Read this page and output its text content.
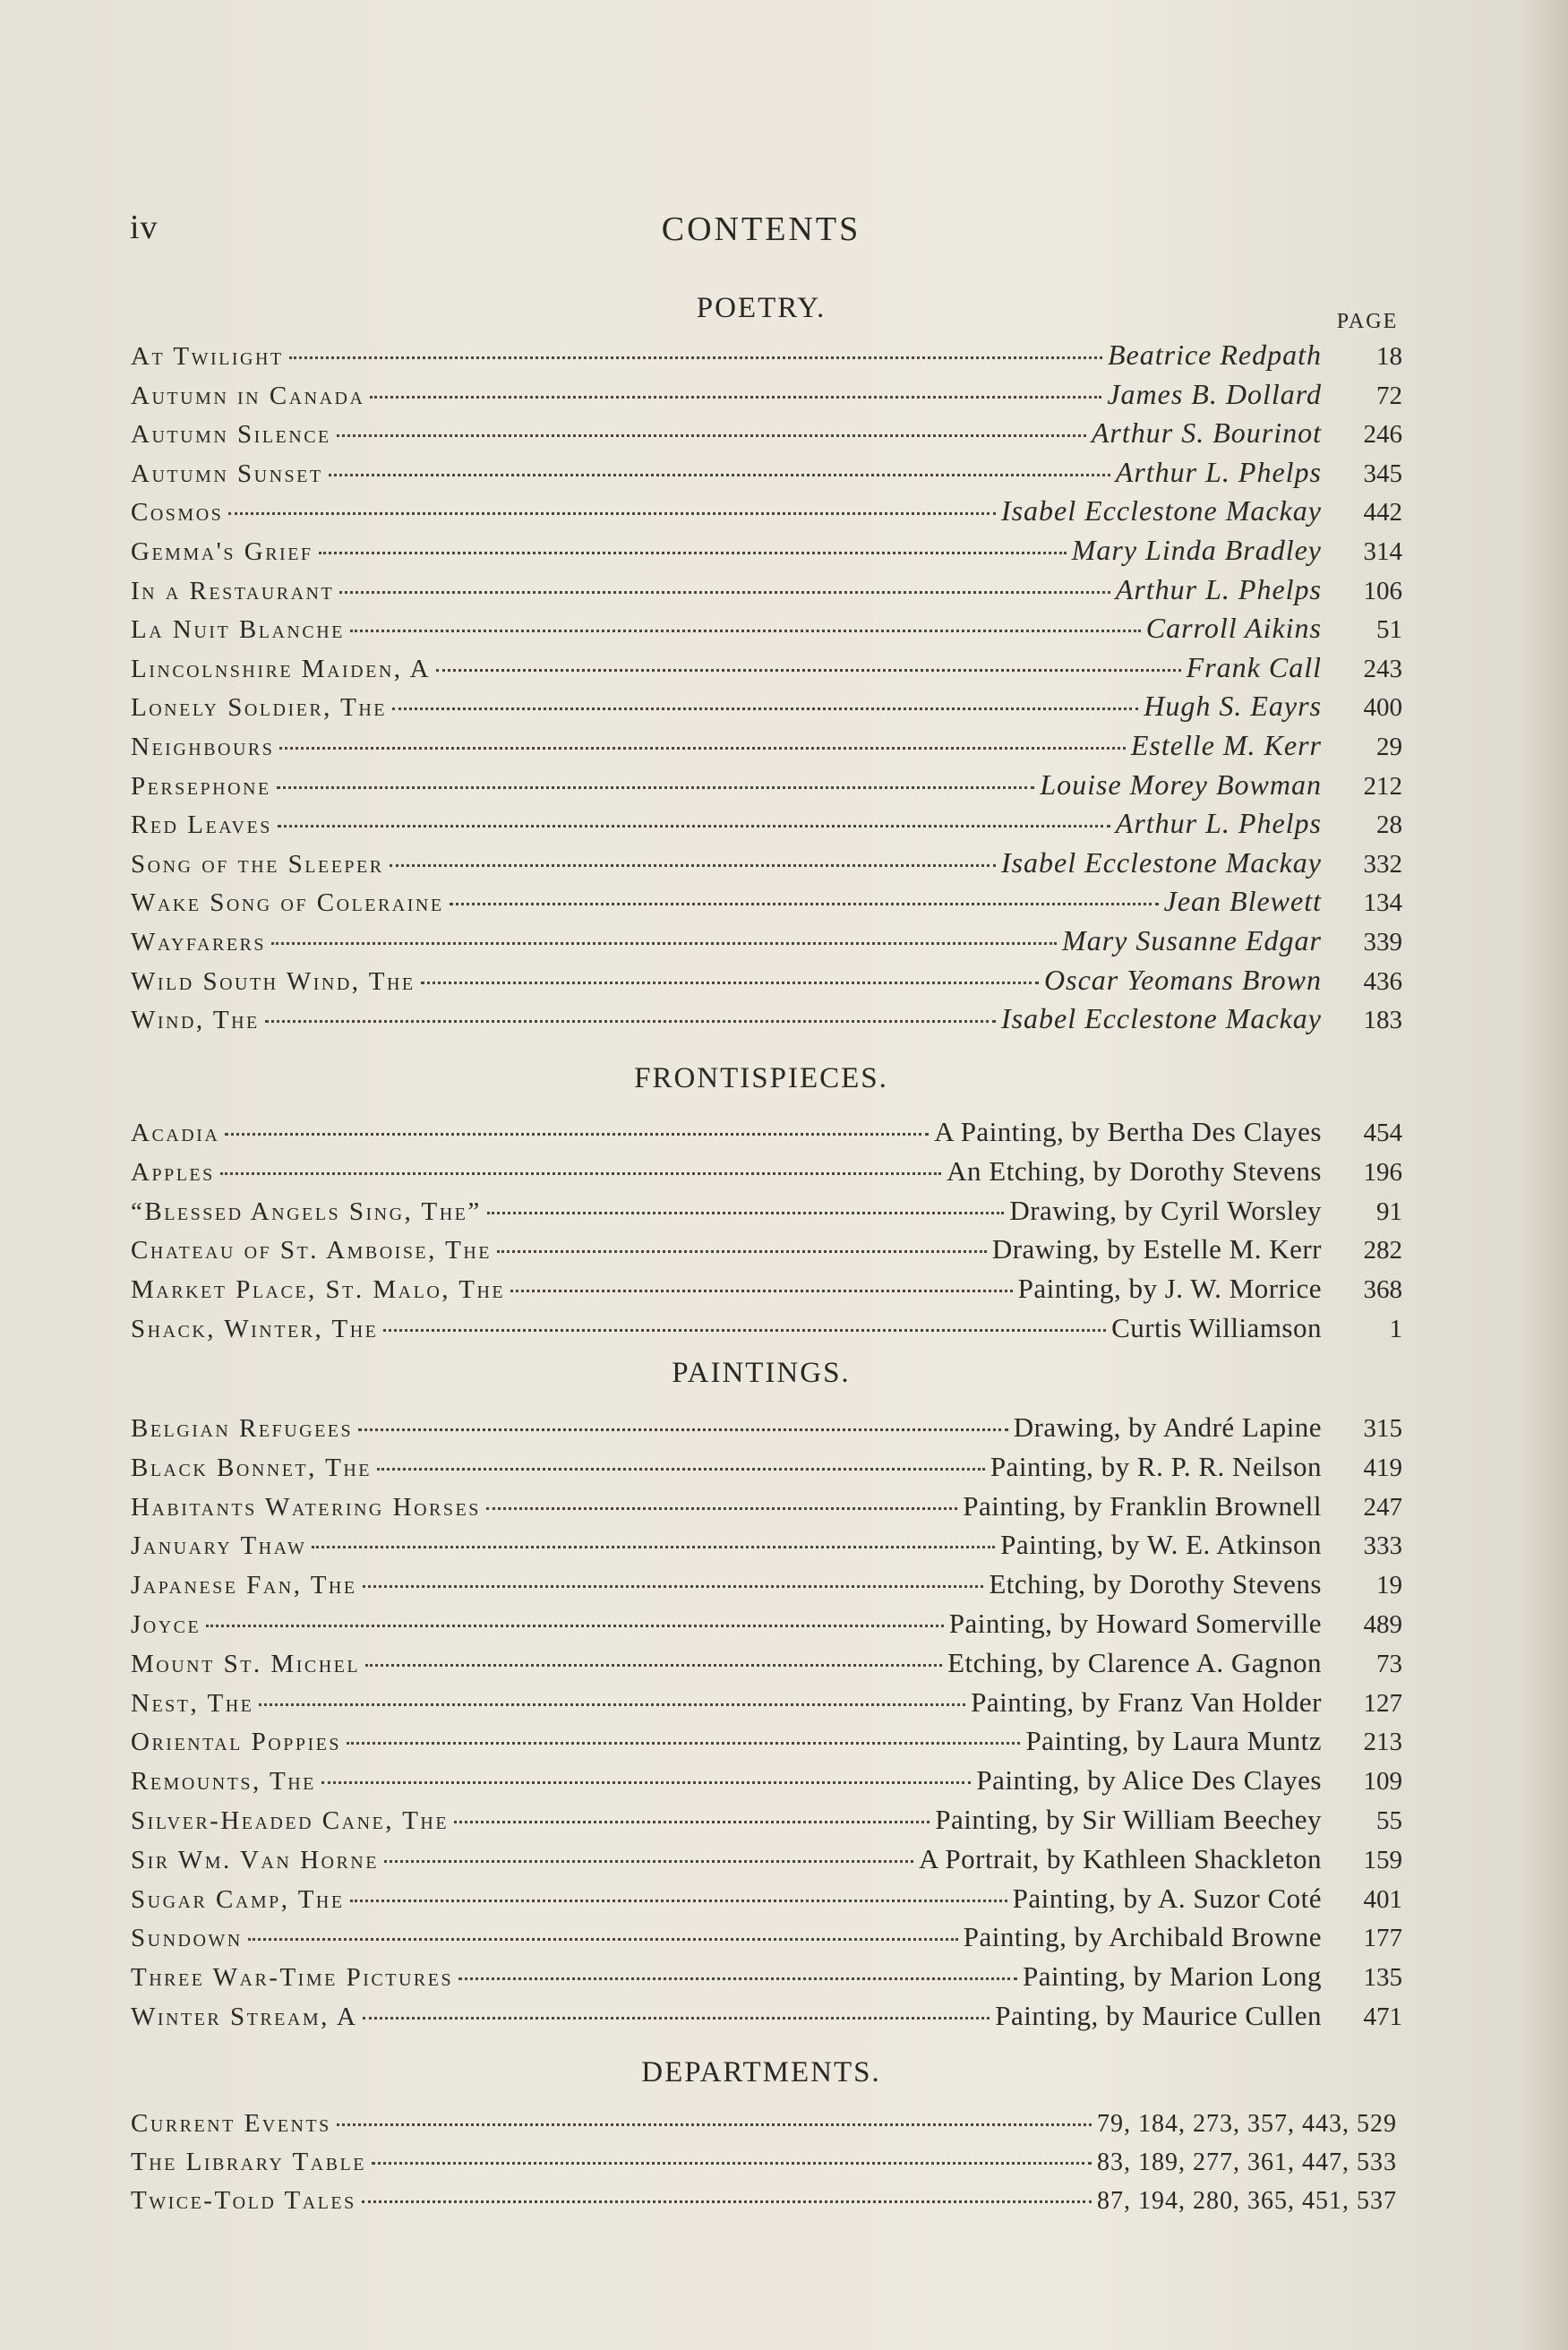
iv	CONTENTS
POETRY.	PAGE
At Twilight	Beatrice Redpath	18
Autumn in Canada	James B. Dollard	72
Autumn Silence	Arthur S. Bourinot	246
Autumn Sunset	Arthur L. Phelps	345
Cosmos	Isabel Ecclestone Mackay	442
Gemma's Grief	Mary Linda Bradley	314
In a Restaurant	Arthur L. Phelps	106
La Nuit Blanche	Carroll Aikins	51
Lincolnshire Maiden, A	Frank Call	243
Lonely Soldier, The	Hugh S. Eayrs	400
Neighbours	Estelle M. Kerr	29
Persephone	Louise Morey Bowman	212
Red Leaves	Arthur L. Phelps	28
Song of the Sleeper	Isabel Ecclestone Mackay	332
Wake Song of Coleraine	Jean Blewett	134
Wayfarers	Mary Susanne Edgar	339
Wild South Wind, The	Oscar Yeomans Brown	436
Wind, The	Isabel Ecclestone Mackay	183
FRONTISPIECES.
Acadia	A Painting, by Bertha Des Clayes	454
Apples	An Etching, by Dorothy Stevens	196
“Blessed Angels Sing, The”	Drawing, by Cyril Worsley	91
Chateau of St. Amboise, The	Drawing, by Estelle M. Kerr	282
Market Place, St. Malo, The	Painting, by J. W. Morrice	368
Shack, Winter, The	Curtis Williamson	1
PAINTINGS.
Belgian Refugees	Drawing, by André Lapine	315
Black Bonnet, The	Painting, by R. P. R. Neilson	419
Habitants Watering Horses	Painting, by Franklin Brownell	247
January Thaw	Painting, by W. E. Atkinson	333
Japanese Fan, The	Etching, by Dorothy Stevens	19
Joyce	Painting, by Howard Somerville	489
Mount St. Michel	Etching, by Clarence A. Gagnon	73
Nest, The	Painting, by Franz Van Holder	127
Oriental Poppies	Painting, by Laura Muntz	213
Remounts, The	Painting, by Alice Des Clayes	109
Silver-Headed Cane, The	Painting, by Sir William Beechey	55
Sir Wm. Van Horne	A Portrait, by Kathleen Shackleton	159
Sugar Camp, The	Painting, by A. Suzor Coté	401
Sundown	Painting, by Archibald Browne	177
Three War-Time Pictures	Painting, by Marion Long	135
Winter Stream, A	Painting, by Maurice Cullen	471
DEPARTMENTS.
Current Events	79, 184, 273, 357, 443, 529
The Library Table	83, 189, 277, 361, 447, 533
Twice-Told Tales	87, 194, 280, 365, 451, 537
